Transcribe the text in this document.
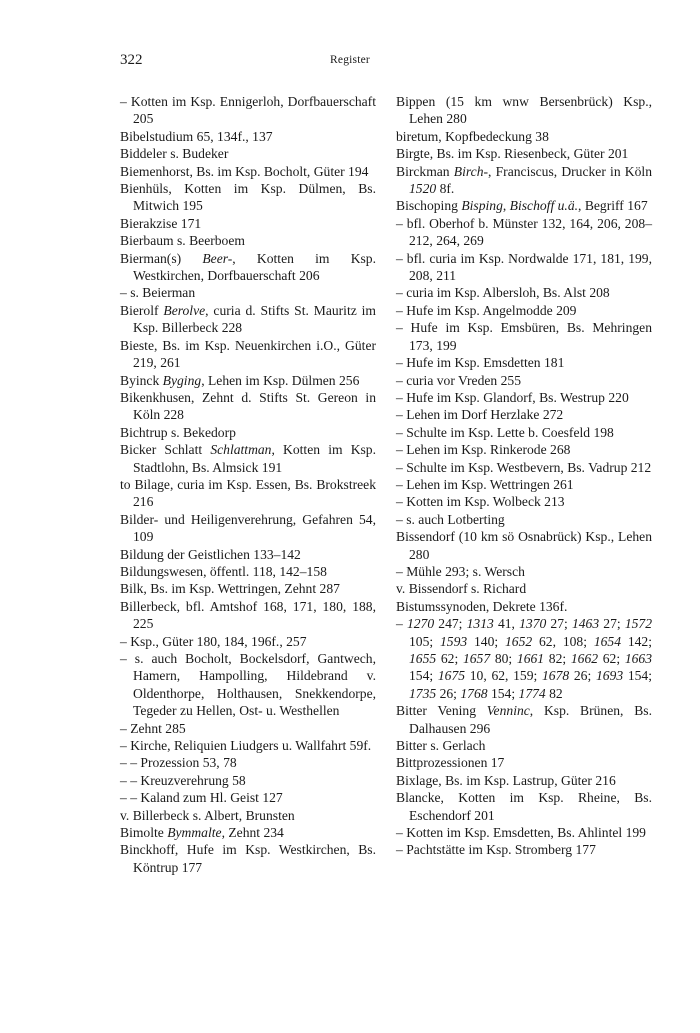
322	Register
– Kotten im Ksp. Ennigerloh, Dorfbauerschaft 205
Bibelstudium 65, 134f., 137
Biddeler s. Budeker
Biemenhorst, Bs. im Ksp. Bocholt, Güter 194
Bienhüls, Kotten im Ksp. Dülmen, Bs. Mitwich 195
Bierakzise 171
Bierbaum s. Beerboem
Bierman(s) Beer-, Kotten im Ksp. Westkirchen, Dorfbauerschaft 206
– s. Beierman
Bierolf Berolve, curia d. Stifts St. Mauritz im Ksp. Billerbeck 228
Bieste, Bs. im Ksp. Neuenkirchen i.O., Güter 219, 261
Byinck Byging, Lehen im Ksp. Dülmen 256
Bikenkhusen, Zehnt d. Stifts St. Gereon in Köln 228
Bichtrup s. Bekedorp
Bicker Schlatt Schlattman, Kotten im Ksp. Stadtlohn, Bs. Almsick 191
to Bilage, curia im Ksp. Essen, Bs. Brokstreek 216
Bilder- und Heiligenverehrung, Gefahren 54, 109
Bildung der Geistlichen 133–142
Bildungswesen, öffentl. 118, 142–158
Bilk, Bs. im Ksp. Wettringen, Zehnt 287
Billerbeck, bfl. Amtshof 168, 171, 180, 188, 225
– Ksp., Güter 180, 184, 196f., 257
– s. auch Bocholt, Bockelsdorf, Gantwech, Hamern, Hampolling, Hildebrand v. Oldenthorpe, Holthausen, Snekkendorpe, Tegeder zu Hellen, Ost- u. Westhellen
– Zehnt 285
– Kirche, Reliquien Liudgers u. Wallfahrt 59f.
– – Prozession 53, 78
– – Kreuzverehrung 58
– – Kaland zum Hl. Geist 127
v. Billerbeck s. Albert, Brunsten
Bimolte Bymmalte, Zehnt 234
Binckhoff, Hufe im Ksp. Westkirchen, Bs. Köntrup 177
Bippen (15 km wnw Bersenbrück) Ksp., Lehen 280
biretum, Kopfbedeckung 38
Birgte, Bs. im Ksp. Riesenbeck, Güter 201
Birckman Birch-, Franciscus, Drucker in Köln 1520 8f.
Bischoping Bisping, Bischoff u.ä., Begriff 167
– bfl. Oberhof b. Münster 132, 164, 206, 208–212, 264, 269
– bfl. curia im Ksp. Nordwalde 171, 181, 199, 208, 211
– curia im Ksp. Albersloh, Bs. Alst 208
– Hufe im Ksp. Angelmodde 209
– Hufe im Ksp. Emsbüren, Bs. Mehringen 173, 199
– Hufe im Ksp. Emsdetten 181
– curia vor Vreden 255
– Hufe im Ksp. Glandorf, Bs. Westrup 220
– Lehen im Dorf Herzlake 272
– Schulte im Ksp. Lette b. Coesfeld 198
– Lehen im Ksp. Rinkerode 268
– Schulte im Ksp. Westbevern, Bs. Vadrup 212
– Lehen im Ksp. Wettringen 261
– Kotten im Ksp. Wolbeck 213
– s. auch Lotberting
Bissendorf (10 km sö Osnabrück) Ksp., Lehen 280
– Mühle 293; s. Wersch
v. Bissendorf s. Richard
Bistumssynoden, Dekrete 136f.
– 1270 247; 1313 41, 1370 27; 1463 27; 1572 105; 1593 140; 1652 62, 108; 1654 142; 1655 62; 1657 80; 1661 82; 1662 62; 1663 154; 1675 10, 62, 159; 1678 26; 1693 154; 1735 26; 1768 154; 1774 82
Bitter Vening Venninc, Ksp. Brünen, Bs. Dalhausen 296
Bitter s. Gerlach
Bittprozessionen 17
Bixlage, Bs. im Ksp. Lastrup, Güter 216
Blancke, Kotten im Ksp. Rheine, Bs. Eschendorf 201
– Kotten im Ksp. Emsdetten, Bs. Ahlintel 199
– Pachtstätte im Ksp. Stromberg 177
